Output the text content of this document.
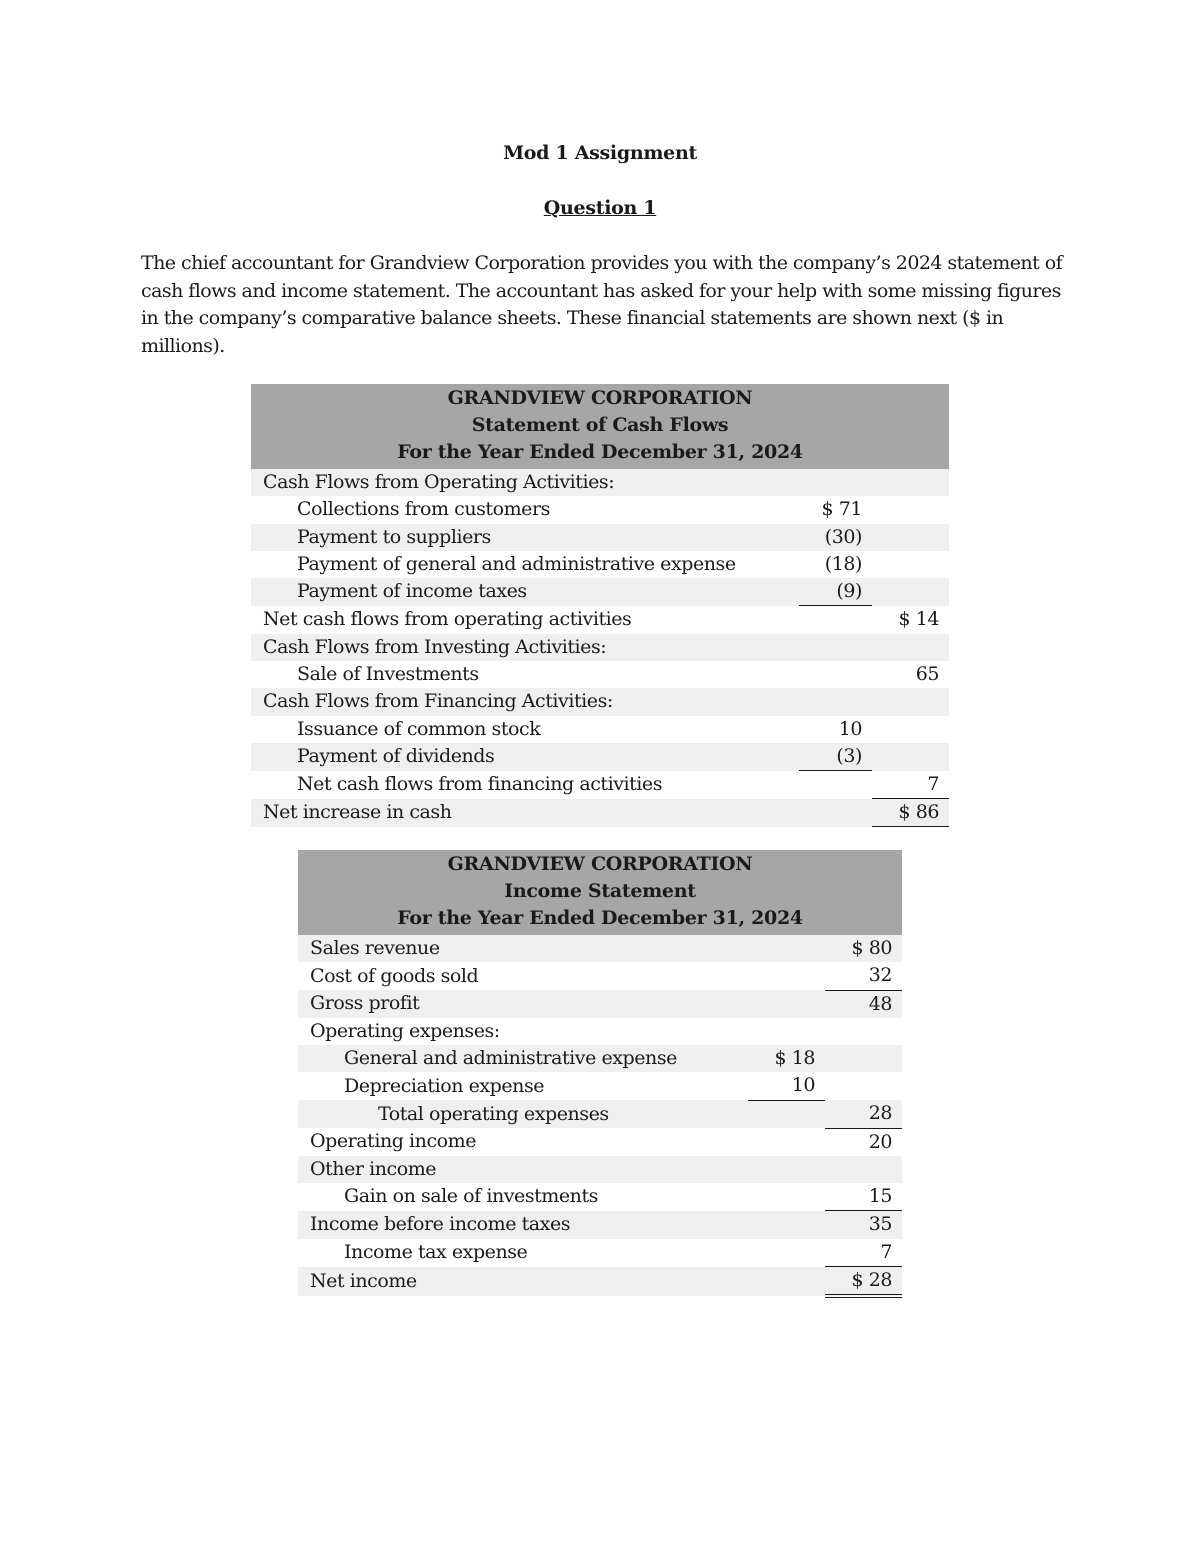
Mod 1 Assignment
Question 1

The chief accountant for Grandview Corporation provides you with the company’s 2024 statement of cash flows and income statement. The accountant has asked for your help with some missing figures in the company’s comparative balance sheets. These financial statements are shown next ($ in millions).

GRANDVIEW CORPORATION		
Statement of Cash Flows		
For the Year Ended December 31, 2024		
Cash Flows from Operating Activities:		
Collections from customers	$ 71	
Payment to suppliers	(30)	
Payment of general and administrative expense	(18)	
Payment of income taxes	(9)	
Net cash flows from operating activities		$ 14
Cash Flows from Investing Activities:		
Sale of Investments		65
Cash Flows from Financing Activities:		
Issuance of common stock	10	
Payment of dividends	(3)	
Net cash flows from financing activities		7
Net increase in cash		$ 86
GRANDVIEW CORPORATION		
Income Statement		
For the Year Ended December 31, 2024		
Sales revenue		$ 80
Cost of goods sold		32
Gross profit		48
Operating expenses:		
General and administrative expense	$ 18	
Depreciation expense	10	
Total operating expenses		28
Operating income		20
Other income		
Gain on sale of investments		15
Income before income taxes		35
Income tax expense		7
Net income		$ 28
